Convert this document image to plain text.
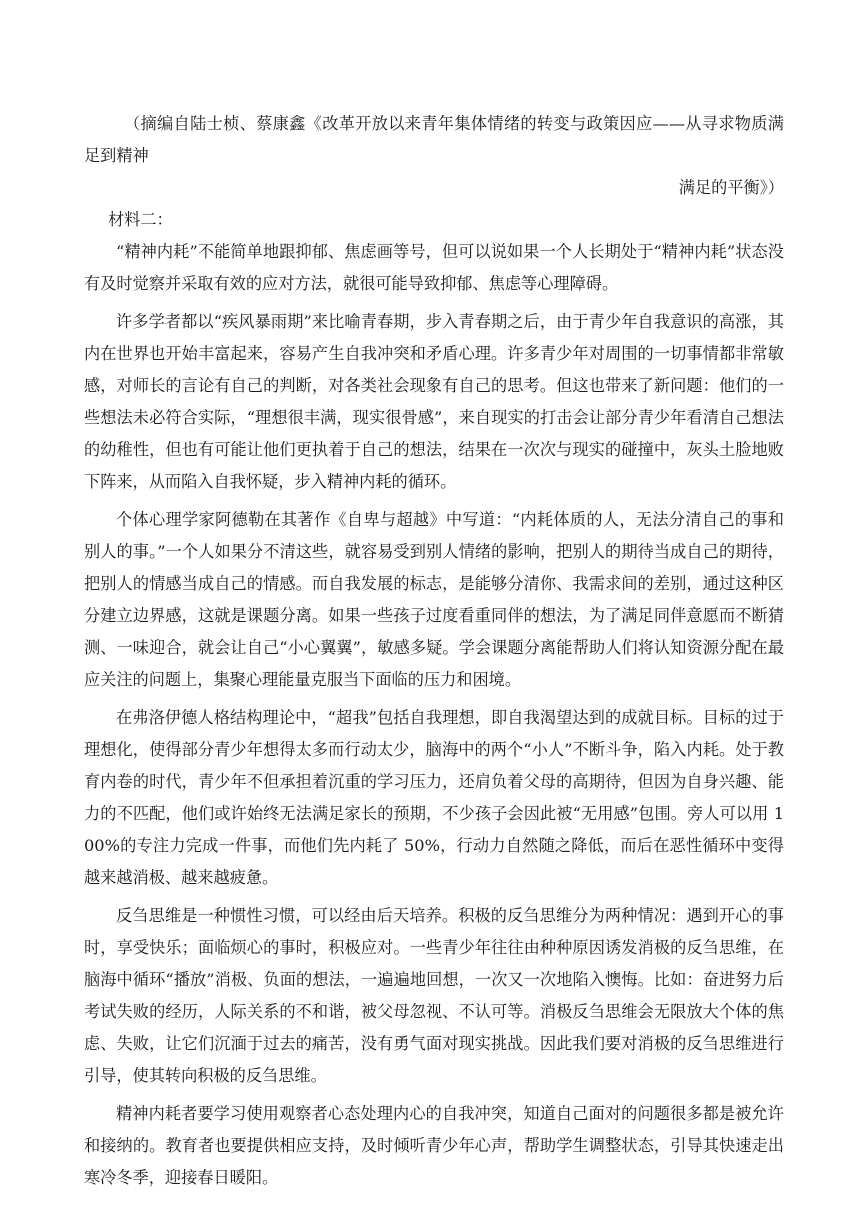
（摘编自陆士桢、蔡康鑫《改革开放以来青年集体情绪的转变与政策因应——从寻求物质满足到精神

满足的平衡》）

材料二：

“精神内耗”不能简单地跟抑郁、焦虑画等号，但可以说如果一个人长期处于“精神内耗”状态没有及时觉察并采取有效的应对方法，就很可能导致抑郁、焦虑等心理障碍。

许多学者都以“疾风暴雨期”来比喻青春期，步入青春期之后，由于青少年自我意识的高涨，其内在世界也开始丰富起来，容易产生自我冲突和矛盾心理。许多青少年对周围的一切事情都非常敏感，对师长的言论有自己的判断，对各类社会现象有自己的思考。但这也带来了新问题：他们的一些想法未必符合实际，“理想很丰满，现实很骨感”，来自现实的打击会让部分青少年看清自己想法的幼稚性，但也有可能让他们更执着于自己的想法，结果在一次次与现实的碰撞中，灰头土脸地败下阵来，从而陷入自我怀疑，步入精神内耗的循环。

个体心理学家阿德勒在其著作《自卑与超越》中写道：“内耗体质的人，无法分清自己的事和别人的事。”一个人如果分不清这些，就容易受到别人情绪的影响，把别人的期待当成自己的期待，把别人的情感当成自己的情感。而自我发展的标志，是能够分清你、我需求间的差别，通过这种区分建立边界感，这就是课题分离。如果一些孩子过度看重同伴的想法，为了满足同伴意愿而不断猜测、一味迎合，就会让自己“小心翼翼”，敏感多疑。学会课题分离能帮助人们将认知资源分配在最应关注的问题上，集聚心理能量克服当下面临的压力和困境。

在弗洛伊德人格结构理论中，“超我”包括自我理想，即自我渴望达到的成就目标。目标的过于理想化，使得部分青少年想得太多而行动太少，脑海中的两个“小人”不断斗争，陷入内耗。处于教育内卷的时代，青少年不但承担着沉重的学习压力，还肩负着父母的高期待，但因为自身兴趣、能力的不匹配，他们或许始终无法满足家长的预期，不少孩子会因此被“无用感”包围。旁人可以用 100%的专注力完成一件事，而他们先内耗了 50%，行动力自然随之降低，而后在恶性循环中变得越来越消极、越来越疲惫。

反刍思维是一种惯性习惯，可以经由后天培养。积极的反刍思维分为两种情况：遇到开心的事时，享受快乐；面临烦心的事时，积极应对。一些青少年往往由种种原因诱发消极的反刍思维，在脑海中循环“播放”消极、负面的想法，一遍遍地回想，一次又一次地陷入懊悔。比如：奋进努力后考试失败的经历，人际关系的不和谐，被父母忽视、不认可等。消极反刍思维会无限放大个体的焦虑、失败，让它们沉湎于过去的痛苦，没有勇气面对现实挑战。因此我们要对消极的反刍思维进行引导，使其转向积极的反刍思维。

精神内耗者要学习使用观察者心态处理内心的自我冲突，知道自己面对的问题很多都是被允许和接纳的。教育者也要提供相应支持，及时倾听青少年心声，帮助学生调整状态，引导其快速走出寒冷冬季，迎接春日暖阳。
